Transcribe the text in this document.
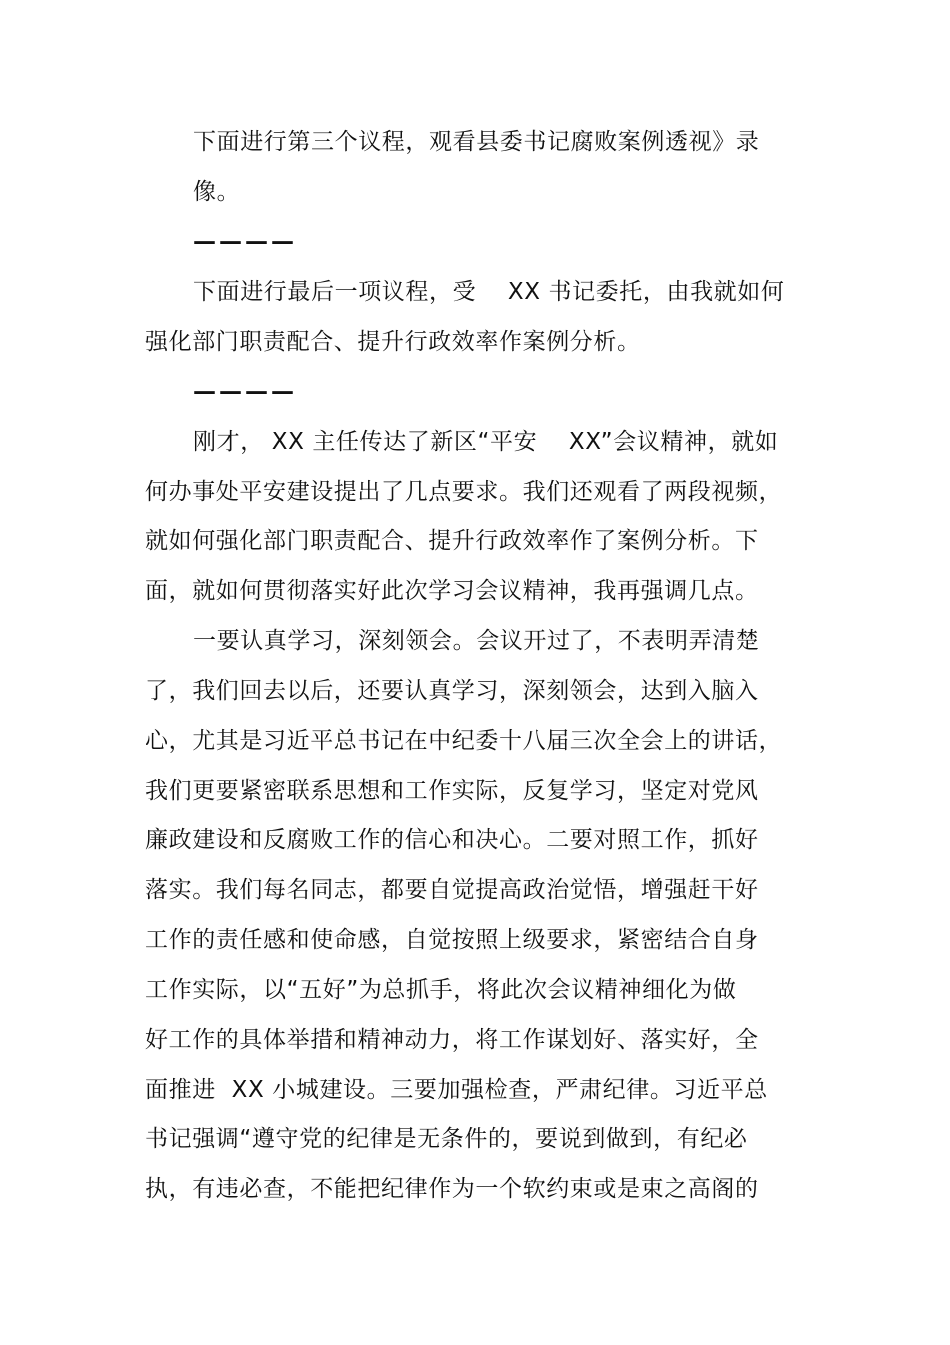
下面进行第三个议程，观看县委书记腐败案例透视》录
像。
————
下面进行最后一项议程，受    XX 书记委托，由我就如何
强化部门职责配合、提升行政效率作案例分析。
————
刚才， XX 主任传达了新区“平安    XX”会议精神，就如
何办事处平安建设提出了几点要求。我们还观看了两段视频，
就如何强化部门职责配合、提升行政效率作了案例分析。下
面，就如何贯彻落实好此次学习会议精神，我再强调几点。
一要认真学习，深刻领会。会议开过了，不表明弄清楚
了，我们回去以后，还要认真学习，深刻领会，达到入脑入
心，尤其是习近平总书记在中纪委十八届三次全会上的讲话，
我们更要紧密联系思想和工作实际，反复学习，坚定对党风
廉政建设和反腐败工作的信心和决心。二要对照工作，抓好
落实。我们每名同志，都要自觉提高政治觉悟，增强赶干好
工作的责任感和使命感，自觉按照上级要求，紧密结合自身
工作实际，以“五好”为总抓手，将此次会议精神细化为做
好工作的具体举措和精神动力，将工作谋划好、落实好，全
面推进  XX 小城建设。三要加强检查，严肃纪律。习近平总
书记强调“遵守党的纪律是无条件的，要说到做到，有纪必
执，有违必查，不能把纪律作为一个软约束或是束之高阁的
